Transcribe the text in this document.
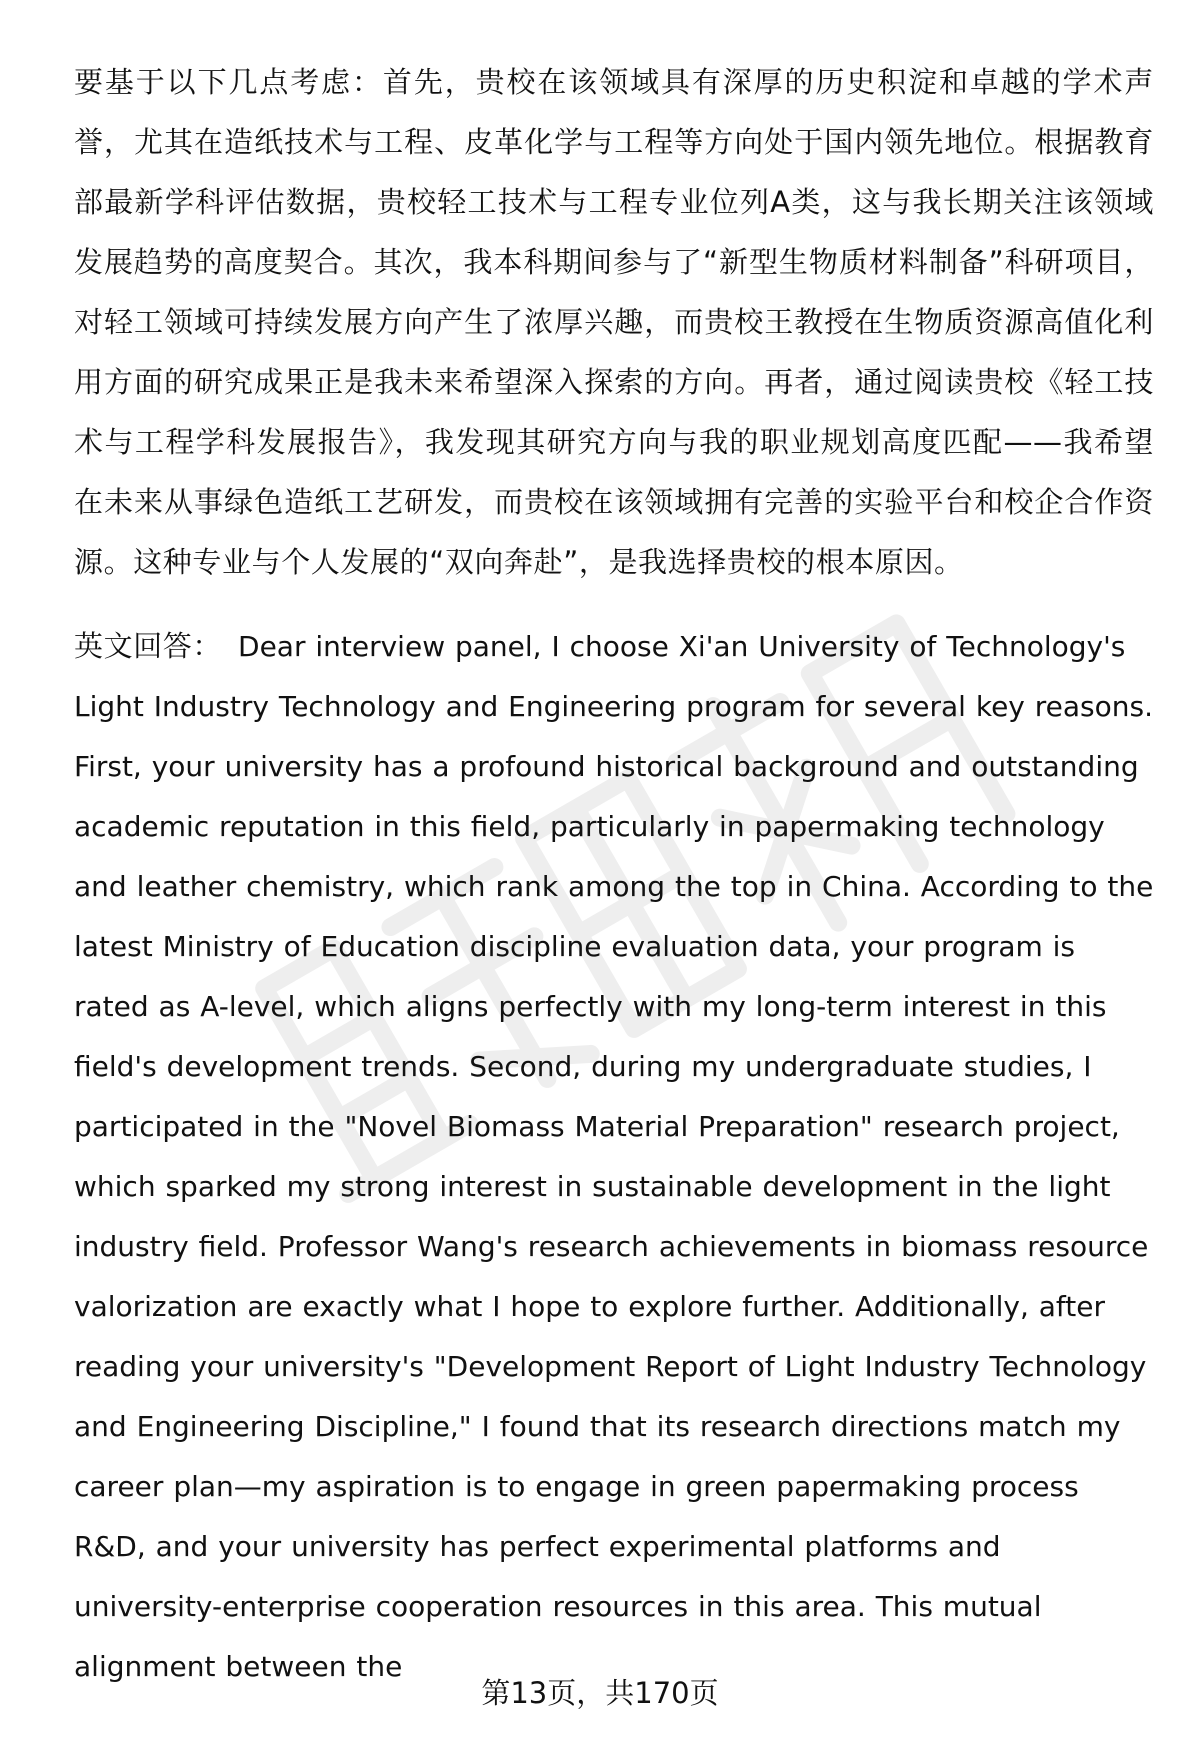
要基于以下几点考虑：首先，贵校在该领域具有深厚的历史积淀和卓越的学术声誉，尤其在造纸技术与工程、皮革化学与工程等方向处于国内领先地位。根据教育部最新学科评估数据，贵校轻工技术与工程专业位列A类，这与我长期关注该领域发展趋势的高度契合。其次，我本科期间参与了“新型生物质材料制备”科研项目，对轻工领域可持续发展方向产生了浓厚兴趣，而贵校王教授在生物质资源高值化利用方面的研究成果正是我未来希望深入探索的方向。再者，通过阅读贵校《轻工技术与工程学科发展报告》，我发现其研究方向与我的职业规划高度匹配——我希望在未来从事绿色造纸工艺研发，而贵校在该领域拥有完善的实验平台和校企合作资源。这种专业与个人发展的“双向奔赴”，是我选择贵校的根本原因。

英文回答： Dear interview panel, I choose Xi'an University of Technology's Light Industry Technology and Engineering program for several key reasons. First, your university has a profound historical background and outstanding academic reputation in this field, particularly in papermaking technology and leather chemistry, which rank among the top in China. According to the latest Ministry of Education discipline evaluation data, your program is rated as A-level, which aligns perfectly with my long-term interest in this field's development trends. Second, during my undergraduate studies, I participated in the "Novel Biomass Material Preparation" research project, which sparked my strong interest in sustainable development in the light industry field. Professor Wang's research achievements in biomass resource valorization are exactly what I hope to explore further. Additionally, after reading your university's "Development Report of Light Industry Technology and Engineering Discipline," I found that its research directions match my career plan—my aspiration is to engage in green papermaking process R&D, and your university has perfect experimental platforms and university-enterprise cooperation resources in this area. This mutual alignment between the

第13页，共170页
